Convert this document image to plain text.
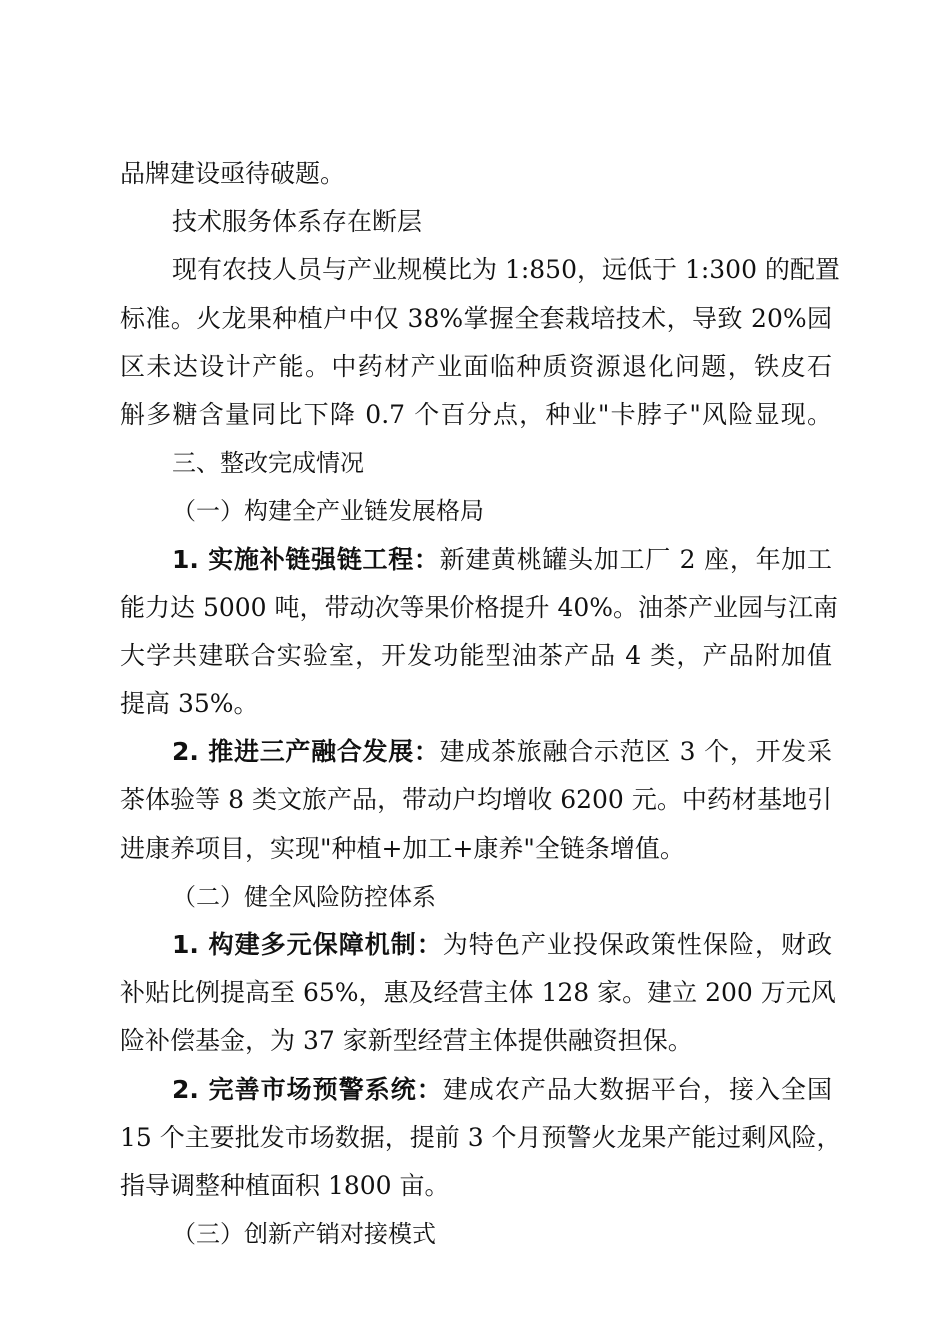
品牌建设亟待破题。
技术服务体系存在断层
现有农技人员与产业规模比为 1:850，远低于 1:300 的配置
标准。火龙果种植户中仅 38%掌握全套栽培技术，导致 20%园
区未达设计产能。中药材产业面临种质资源退化问题，铁皮石
斛多糖含量同比下降 0.7 个百分点，种业"卡脖子"风险显现。
三、整改完成情况
（一）构建全产业链发展格局
1. 实施补链强链工程：新建黄桃罐头加工厂 2 座，年加工
能力达 5000 吨，带动次等果价格提升 40%。油茶产业园与江南
大学共建联合实验室，开发功能型油茶产品 4 类，产品附加值
提高 35%。
2. 推进三产融合发展：建成茶旅融合示范区 3 个，开发采
茶体验等 8 类文旅产品，带动户均增收 6200 元。中药材基地引
进康养项目，实现"种植+加工+康养"全链条增值。
（二）健全风险防控体系
1. 构建多元保障机制：为特色产业投保政策性保险，财政
补贴比例提高至 65%，惠及经营主体 128 家。建立 200 万元风
险补偿基金，为 37 家新型经营主体提供融资担保。
2. 完善市场预警系统：建成农产品大数据平台，接入全国
15 个主要批发市场数据，提前 3 个月预警火龙果产能过剩风险，
指导调整种植面积 1800 亩。
（三）创新产销对接模式
